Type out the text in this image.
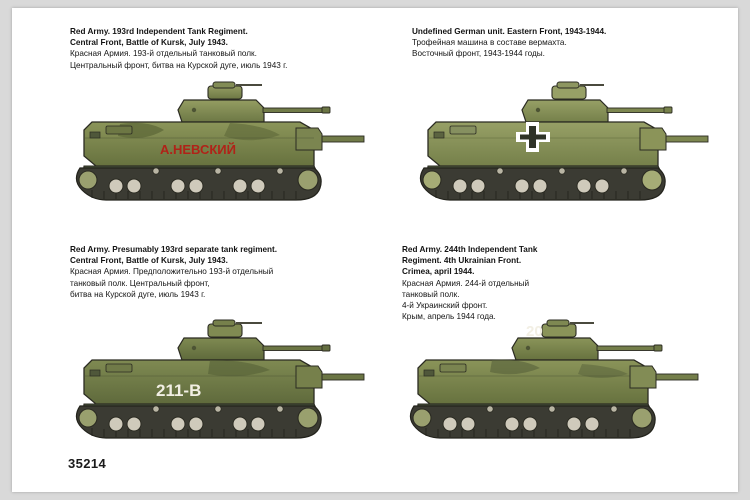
Red Army. 193rd Independent Tank Regiment.
Central Front, Battle of Kursk, July 1943.
Красная Армия. 193-й отдельный танковый полк.
Центральный фронт, битва на Курской дуге, июль 1943 г.
А.НЕВСКИЙ
Undefined German unit. Eastern Front, 1943-1944.
Трофейная машина в составе вермахта.
Восточный фронт, 1943-1944 годы.
Red Army. Presumably 193rd separate tank regiment.
Central Front, Battle of Kursk, July 1943.
Красная Армия. Предположительно 193-й отдельный
танковый полк. Центральный фронт,
битва на Курской дуге, июль 1943 г.
211-B
Red Army. 244th Independent Tank
Regiment. 4th Ukrainian Front.
Crimea, april 1944.
Красная Армия. 244-й отдельный
танковый полк.
4-й Украинский фронт.
Крым, апрель 1944 года.
20
35214
